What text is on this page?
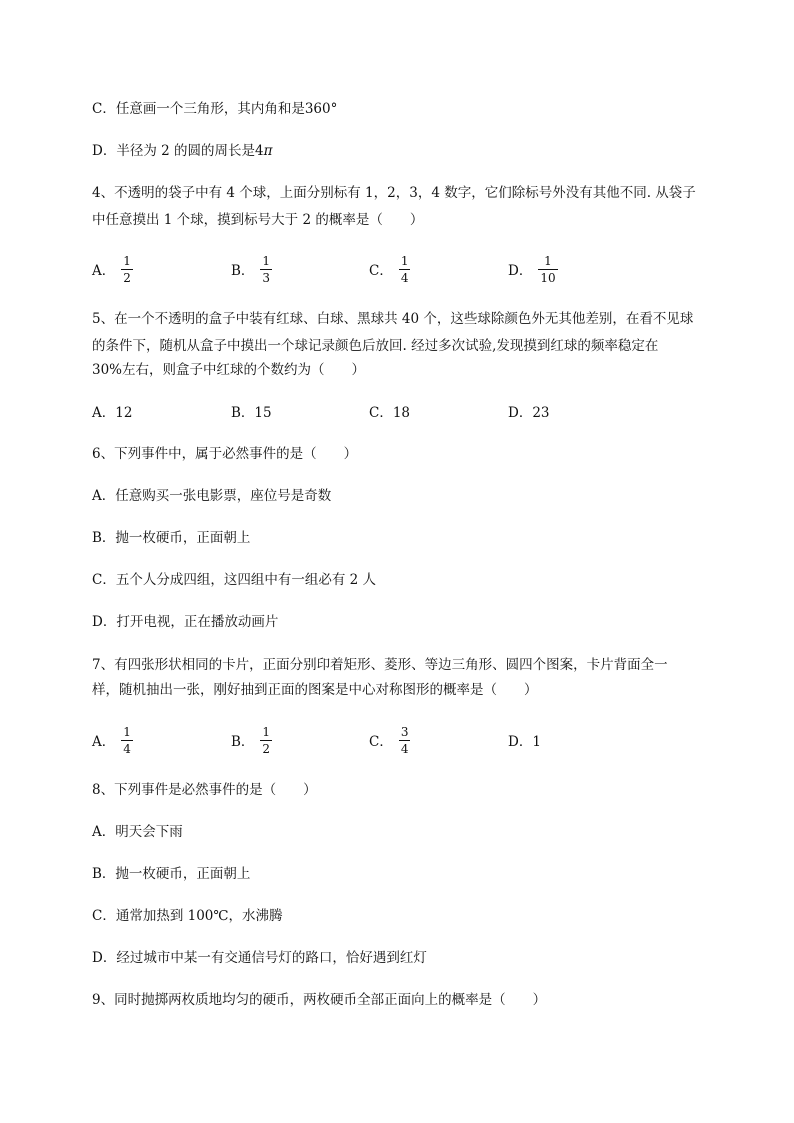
C．任意画一个三角形，其内角和是360°
D．半径为 2 的圆的周长是4π
4、不透明的袋子中有 4 个球，上面分别标有 1，2，3，4 数字，它们除标号外没有其他不同. 从袋子
中任意摸出 1 个球，摸到标号大于 2 的概率是（　　）
A． $\frac{1}{2}$	B． $\frac{1}{3}$	C． $\frac{1}{4}$	D． $\frac{1}{10}$
5、在一个不透明的盒子中装有红球、白球、黑球共 40 个，这些球除颜色外无其他差别，在看不见球
的条件下，随机从盒子中摸出一个球记录颜色后放回. 经过多次试验,发现摸到红球的频率稳定在
30%左右，则盒子中红球的个数约为（　　）
A．12	B．15	C．18	D．23
6、下列事件中，属于必然事件的是（　　）
A．任意购买一张电影票，座位号是奇数
B．抛一枚硬币，正面朝上
C．五个人分成四组，这四组中有一组必有 2 人
D．打开电视，正在播放动画片
7、有四张形状相同的卡片，正面分别印着矩形、菱形、等边三角形、圆四个图案，卡片背面全一
样，随机抽出一张，刚好抽到正面的图案是中心对称图形的概率是（　　）
A． $\frac{1}{4}$	B． $\frac{1}{2}$	C． $\frac{3}{4}$	D．1
8、下列事件是必然事件的是（　　）
A．明天会下雨
B．抛一枚硬币，正面朝上
C．通常加热到 100℃，水沸腾
D．经过城市中某一有交通信号灯的路口，恰好遇到红灯
9、同时抛掷两枚质地均匀的硬币，两枚硬币全部正面向上的概率是（　　）
